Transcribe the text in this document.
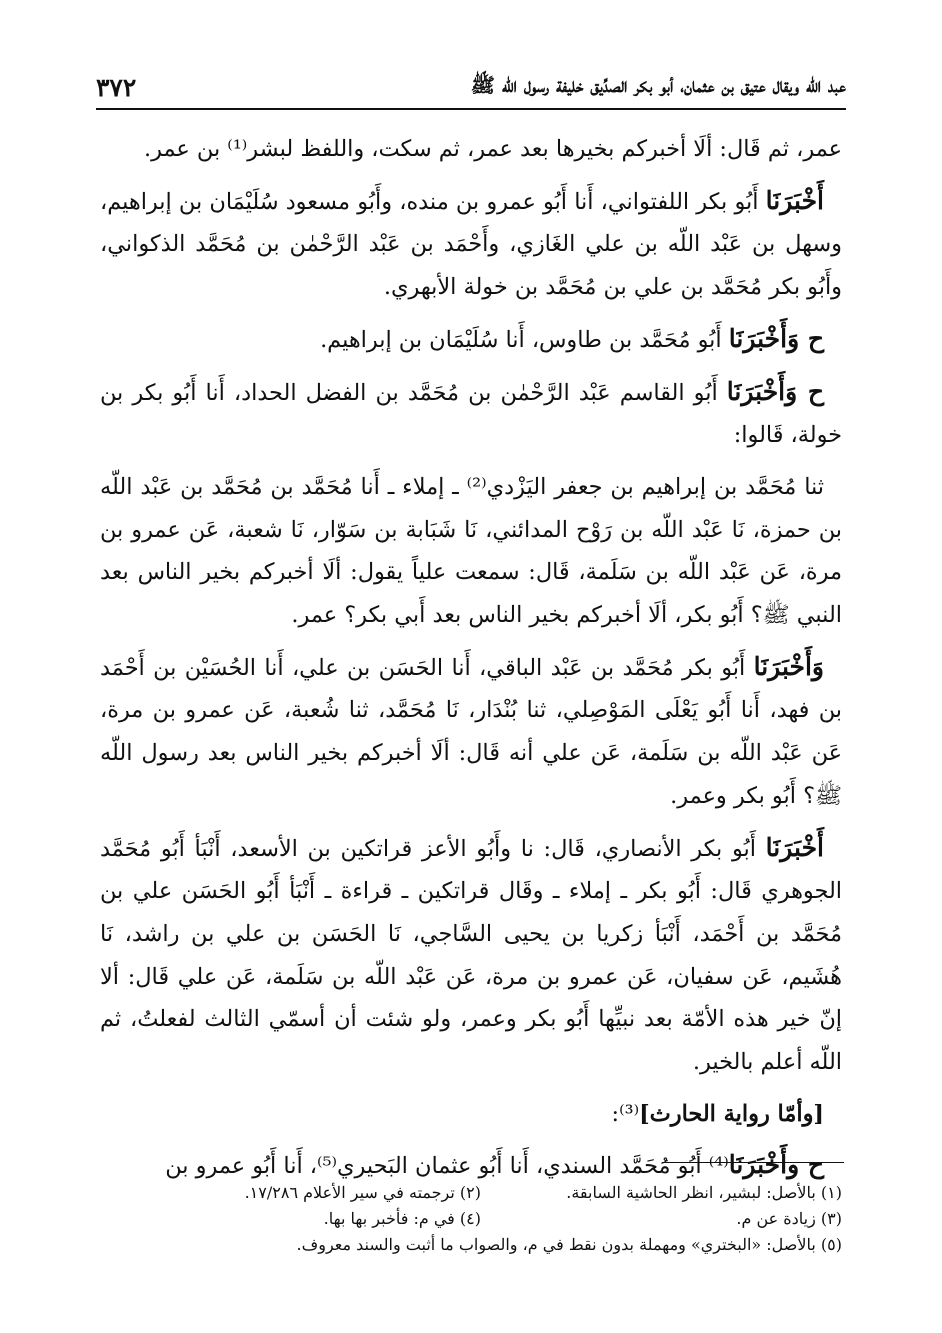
عبد اللّه ويقال عتيق بن عثمان، أبو بكر الصدِّيق خليفة رسول اللّه ﷺ
٣٧٢

عمر، ثم قَال: ألَا أخبركم بخيرها بعد عمر، ثم سكت، واللفظ لبشر⁽¹⁾ بن عمر.

أَخْبَرَنَا أَبُو بكر اللفتواني، أَنا أَبُو عمرو بن منده، وأَبُو مسعود سُلَيْمَان بن إبراهيم، وسهل بن عَبْد اللّه بن علي الغَازي، وأَحْمَد بن عَبْد الرَّحْمٰن بن مُحَمَّد الذكواني، وأَبُو بكر مُحَمَّد بن علي بن مُحَمَّد بن خولة الأبهري.

ح وَأَخْبَرَنَا أَبُو مُحَمَّد بن طاوس، أَنا سُلَيْمَان بن إبراهيم.

ح وَأَخْبَرَنَا أَبُو القاسم عَبْد الرَّحْمٰن بن مُحَمَّد بن الفضل الحداد، أَنا أَبُو بكر بن خولة، قَالوا:

ثنا مُحَمَّد بن إبراهيم بن جعفر اليَزْدي⁽²⁾ ـ إملاء ـ أَنا مُحَمَّد بن مُحَمَّد بن عَبْد اللّه بن حمزة، نَا عَبْد اللّه بن رَوْح المدائني، نَا شَبَابة بن سَوّار، نَا شعبة، عَن عمرو بن مرة، عَن عَبْد اللّه بن سَلَمة، قَال: سمعت علياً يقول: ألَا أخبركم بخير الناس بعد النبي ﷺ؟ أَبُو بكر، ألَا أخبركم بخير الناس بعد أَبي بكر؟ عمر.

وَأَخْبَرَنَا أَبُو بكر مُحَمَّد بن عَبْد الباقي، أَنا الحَسَن بن علي، أَنا الحُسَيْن بن أَحْمَد بن فهد، أَنا أَبُو يَعْلَى المَوْصِلي، ثنا بُنْدَار، نَا مُحَمَّد، ثنا شُعبة، عَن عمرو بن مرة، عَن عَبْد اللّه بن سَلَمة، عَن علي أنه قَال: ألَا أخبركم بخير الناس بعد رسول اللّه ﷺ؟ أَبُو بكر وعمر.

أَخْبَرَنَا أَبُو بكر الأنصاري، قَال: نا وأَبُو الأعز قراتكين بن الأسعد، أَنْبَأ أَبُو مُحَمَّد الجوهري قَال: أَبُو بكر ـ إملاء ـ وقَال قراتكين ـ قراءة ـ أَنْبَأ أَبُو الحَسَن علي بن مُحَمَّد بن أَحْمَد، أَنْبَأ زكريا بن يحيى السَّاجي، نَا الحَسَن بن علي بن راشد، نَا هُشَيم، عَن سفيان، عَن عمرو بن مرة، عَن عَبْد اللّه بن سَلَمة، عَن علي قَال: ألا إنّ خير هذه الأمّة بعد نبيِّها أَبُو بكر وعمر، ولو شئت أن أسمّي الثالث لفعلتُ، ثم اللّه أعلم بالخير.

[وأمّا رواية الحارث]⁽³⁾:

ح وأَخْبَرَنَا⁽⁴⁾ أَبُو مُحَمَّد السندي، أَنا أَبُو عثمان البَحيري⁽⁵⁾، أَنا أَبُو عمرو بن

(١) بالأصل: لبشير، انظر الحاشية السابقة.
(٢) ترجمته في سير الأعلام ١٧/٢٨٦.
(٣) زيادة عن م.
(٤) في م: فأخبر بها بها.
(٥) بالأصل: «البختري» ومهملة بدون نقط في م، والصواب ما أثبت والسند معروف.
